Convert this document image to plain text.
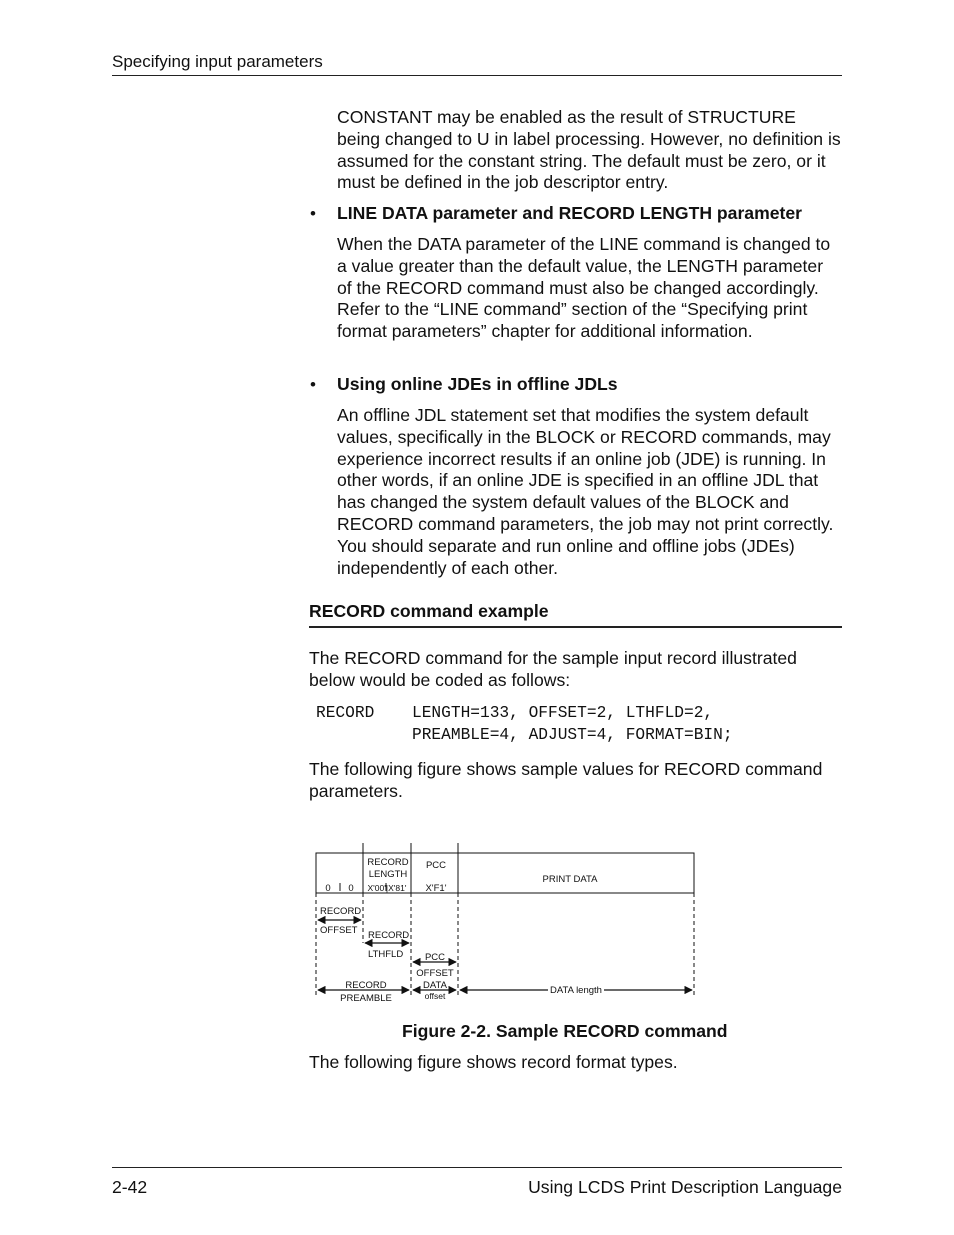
Specifying input parameters
CONSTANT may be enabled as the result of STRUCTURE being changed to U in label processing. However, no definition is assumed for the constant string. The default must be zero, or it must be defined in the job descriptor entry.
• LINE DATA parameter and RECORD LENGTH parameter
When the DATA parameter of the LINE command is changed to a value greater than the default value, the LENGTH parameter of the RECORD command must also be changed accordingly. Refer to the “LINE command” section of the “Specifying print format parameters” chapter for additional information.
• Using online JDEs in offline JDLs
An offline JDL statement set that modifies the system default values, specifically in the BLOCK or RECORD commands, may experience incorrect results if an online job (JDE) is running. In other words, if an online JDE is specified in an offline JDL that has changed the system default values of the BLOCK and RECORD command parameters, the job may not print correctly. You should separate and run online and offline jobs (JDEs) independently of each other.
RECORD command example
The RECORD command for the sample input record illustrated below would be coded as follows:
RECORD LENGTH=133, OFFSET=2, LTHFLD=2,
PREAMBLE=4, ADJUST=4, FORMAT=BIN;
The following figure shows sample values for RECORD command parameters.
0 0
RECORD
LENGTH
X'00'|X'81'
PCC
X'F1'
PRINT DATA
RECORD
OFFSET RECORD
LTHFLD PCC
OFFSET
DATA
offset
RECORD
PREAMBLE
DATA length
Figure 2-2. Sample RECORD command
The following figure shows record format types.
2-42	Using LCDS Print Description Language
